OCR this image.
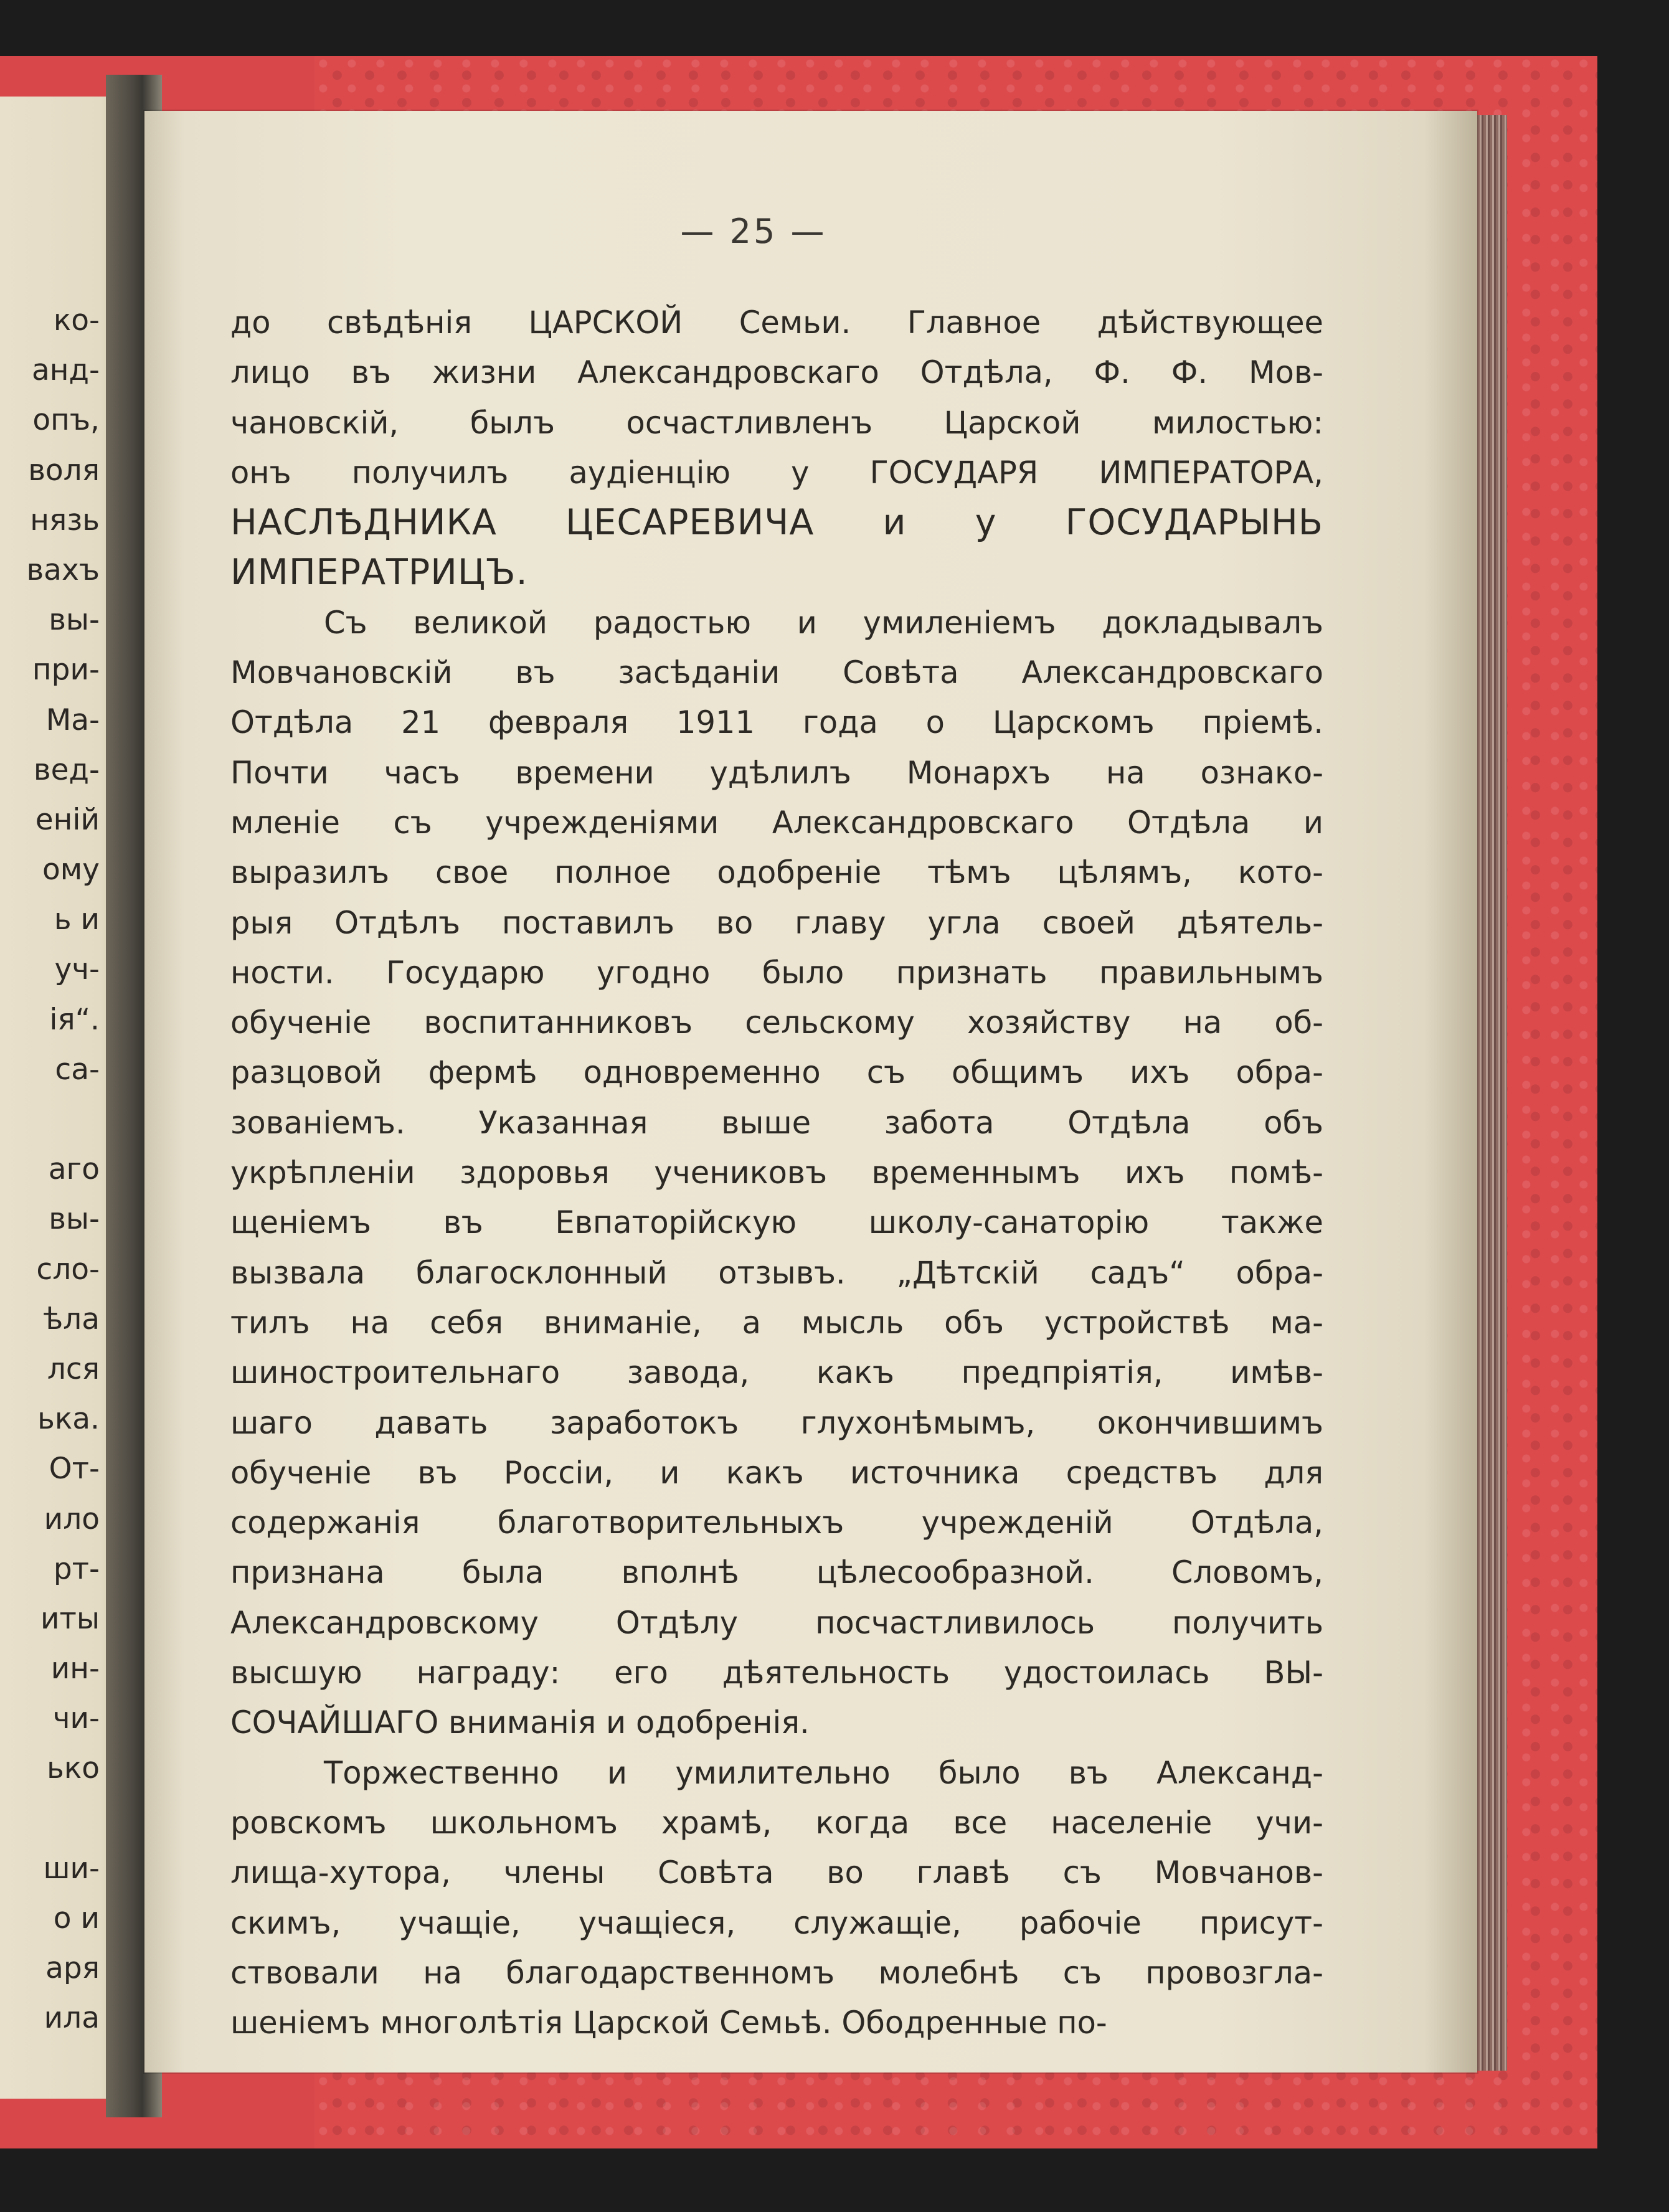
ко-
анд-
опъ,
воля
нязь
вахъ
вы-
при-
Ма-
вед-
еній
ому
ь и
уч-
ія“.
са-
аго
вы-
сло-
ѣла
лся
ька.
От-
ило
рт-
иты
ин-
чи-
ько
ши-
о и
аря
ила
— 25 —
до свѣдѣнія ЦАРСКОЙ Семьи. Главное дѣйствующее
лицо въ жизни Александровскаго Отдѣла, Ф. Ф. Мов-
чановскій, былъ осчастливленъ Царской милостью:
онъ получилъ аудіенцію у ГОСУДАРЯ ИМПЕРАТОРА,
НАСЛѢДНИКА ЦЕСАРЕВИЧА и у ГОСУДАРЫНЬ
ИМПЕРАТРИЦЪ.
Съ великой радостью и умиленіемъ докладывалъ
Мовчановскій въ засѣданіи Совѣта Александровскаго
Отдѣла 21 февраля 1911 года о Царскомъ пріемѣ.
Почти часъ времени удѣлилъ Монархъ на ознако-
мленіе съ учрежденіями Александровскаго Отдѣла и
выразилъ свое полное одобреніе тѣмъ цѣлямъ, кото-
рыя Отдѣлъ поставилъ во главу угла своей дѣятель-
ности. Государю угодно было признать правильнымъ
обученіе воспитанниковъ сельскому хозяйству на об-
разцовой фермѣ одновременно съ общимъ ихъ обра-
зованіемъ. Указанная выше забота Отдѣла объ
укрѣпленіи здоровья учениковъ временнымъ ихъ помѣ-
щеніемъ въ Евпаторійскую школу-санаторію также
вызвала благосклонный отзывъ. „Дѣтскій садъ“ обра-
тилъ на себя вниманіе, а мысль объ устройствѣ ма-
шиностроительнаго завода, какъ предпріятія, имѣв-
шаго давать заработокъ глухонѣмымъ, окончившимъ
обученіе въ Россіи, и какъ источника средствъ для
содержанія благотворительныхъ учрежденій Отдѣла,
признана была вполнѣ цѣлесообразной. Словомъ,
Александровскому Отдѣлу посчастливилось получить
высшую награду: его дѣятельность удостоилась ВЫ-
СОЧАЙШАГО вниманія и одобренія.
Торжественно и умилительно было въ Александ-
ровскомъ школьномъ храмѣ, когда все населеніе учи-
лища-хутора, члены Совѣта во главѣ съ Мовчанов-
скимъ, учащіе, учащіеся, служащіе, рабочіе присут-
ствовали на благодарственномъ молебнѣ съ провозгла-
шеніемъ многолѣтія Царской Семьѣ. Ободренные по-
